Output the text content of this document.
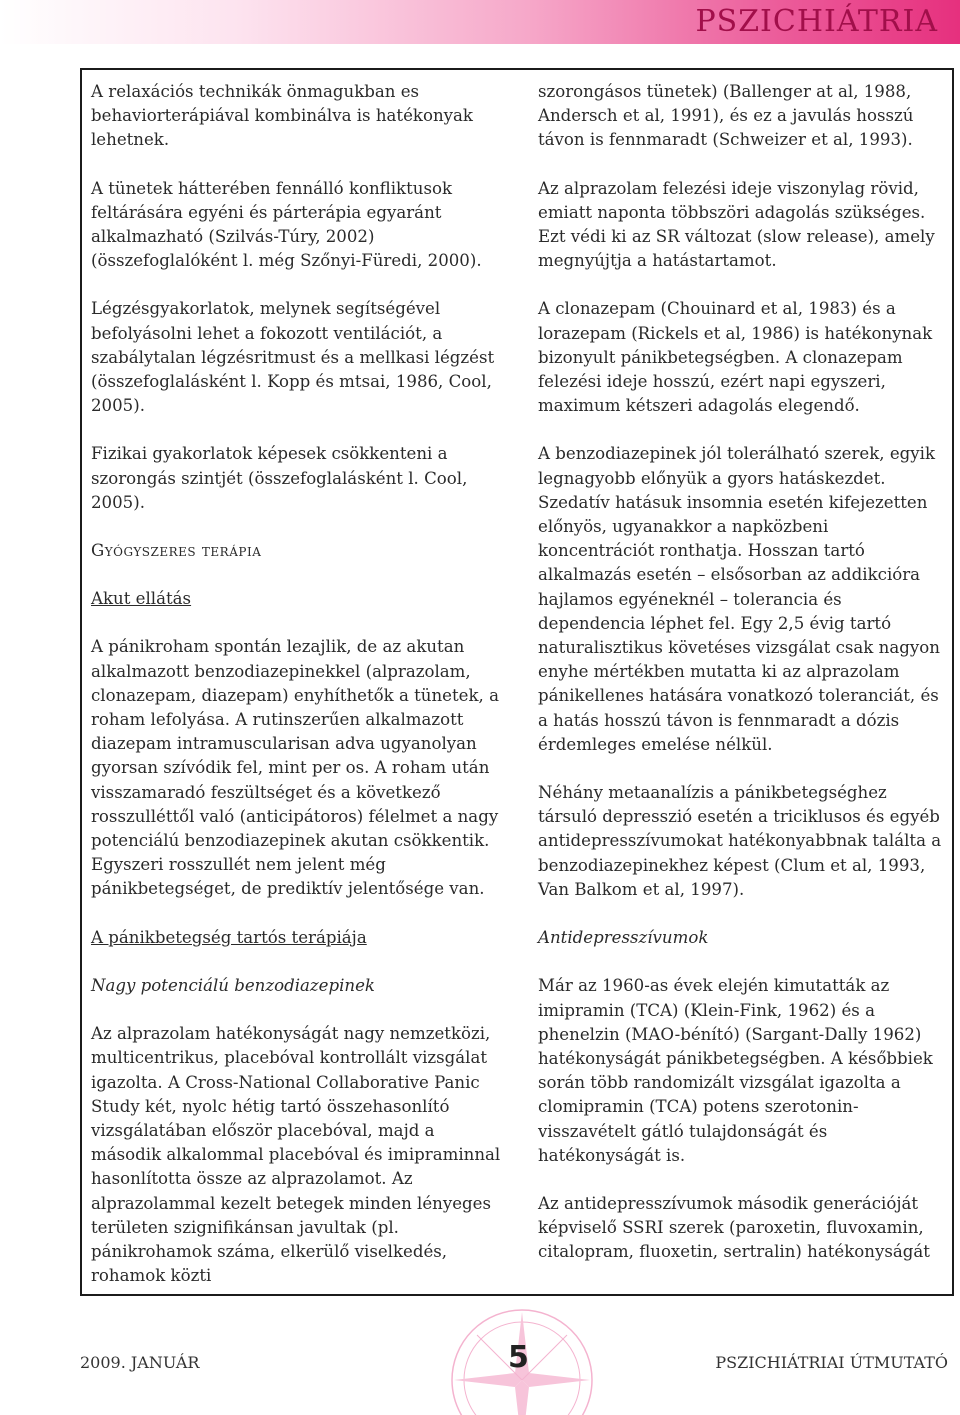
PSZICHIÁTRIA

A relaxációs technikák önmagukban es behaviorterápiával kombinálva is hatékonyak lehetnek.

A tünetek hátterében fennálló konfliktusok feltárására egyéni és párterápia egyaránt alkalmazható (Szilvás-Túry, 2002) (összefoglalóként l. még Szőnyi-Füredi, 2000).

Légzésgyakorlatok, melynek segítségével befolyásolni lehet a fokozott ventilációt, a szabálytalan légzésritmust és a mellkasi légzést (összefoglalásként l. Kopp és mtsai, 1986, Cool, 2005).

Fizikai gyakorlatok képesek csökkenteni a szorongás szintjét (összefoglalásként l. Cool, 2005).

Gyógyszeres terápia
Akut ellátás

A pánikroham spontán lezajlik, de az akutan alkalmazott benzodiazepinekkel (alprazolam, clonazepam, diazepam) enyhíthetők a tünetek, a roham lefolyása. A rutinszerűen alkalmazott diazepam intramuscularisan adva ugyanolyan gyorsan szívódik fel, mint per os. A roham után visszamaradó feszültséget és a következő rosszulléttől való (anticipátoros) félelmet a nagy potenciálú benzodiazepinek akutan csökkentik. Egyszeri rosszullét nem jelent még pánikbetegséget, de prediktív jelentősége van.

A pánikbetegség tartós terápiája
Nagy potenciálú benzodiazepinek

Az alprazolam hatékonyságát nagy nemzetközi, multicentrikus, placebóval kontrollált vizsgálat igazolta. A Cross-National Collaborative Panic Study két, nyolc hétig tartó összehasonlító vizsgálatában először placebóval, majd a második alkalommal placebóval és imipraminnal hasonlította össze az alprazolamot. Az alprazolammal kezelt betegek minden lényeges területen szignifikánsan javultak (pl. pánikrohamok száma, elkerülő viselkedés, rohamok közti

szorongásos tünetek) (Ballenger at al, 1988, Andersch et al, 1991), és ez a javulás hosszú távon is fennmaradt (Schweizer et al, 1993).

Az alprazolam felezési ideje viszonylag rövid, emiatt naponta többszöri adagolás szükséges. Ezt védi ki az SR változat (slow release), amely megnyújtja a hatástartamot.

A clonazepam (Chouinard et al, 1983) és a lorazepam (Rickels et al, 1986) is hatékonynak bizonyult pánikbetegségben. A clonazepam felezési ideje hosszú, ezért napi egyszeri, maximum kétszeri adagolás elegendő.

A benzodiazepinek jól tolerálható szerek, egyik legnagyobb előnyük a gyors hatáskezdet. Szedatív hatásuk insomnia esetén kifejezetten előnyös, ugyanakkor a napközbeni koncentrációt ronthatja. Hosszan tartó alkalmazás esetén – elsősorban az addikcióra hajlamos egyéneknél – tolerancia és dependencia léphet fel. Egy 2,5 évig tartó naturalisztikus követéses vizsgálat csak nagyon enyhe mértékben mutatta ki az alprazolam pánikellenes hatására vonatkozó toleranciát, és a hatás hosszú távon is fennmaradt a dózis érdemleges emelése nélkül.

Néhány metaanalízis a pánikbetegséghez társuló depresszió esetén a triciklusos és egyéb antidepresszívumokat hatékonyabbnak találta a benzodiazepinekhez képest (Clum et al, 1993, Van Balkom et al, 1997).

Antidepresszívumok

Már az 1960-as évek elején kimutatták az imipramin (TCA) (Klein-Fink, 1962) és a phenelzin (MAO-bénító) (Sargant-Dally 1962) hatékonyságát pánikbetegségben. A későbbiek során több randomizált vizsgálat igazolta a clomipramin (TCA) potens szerotonin-visszavételt gátló tulajdonságát és hatékonyságát is.

Az antidepresszívumok második generációját képviselő SSRI szerek (paroxetin, fluvoxamin, citalopram, fluoxetin, sertralin) hatékonyságát

2009. JANUÁR	5	PSZICHIÁTRIAI ÚTMUTATÓ
